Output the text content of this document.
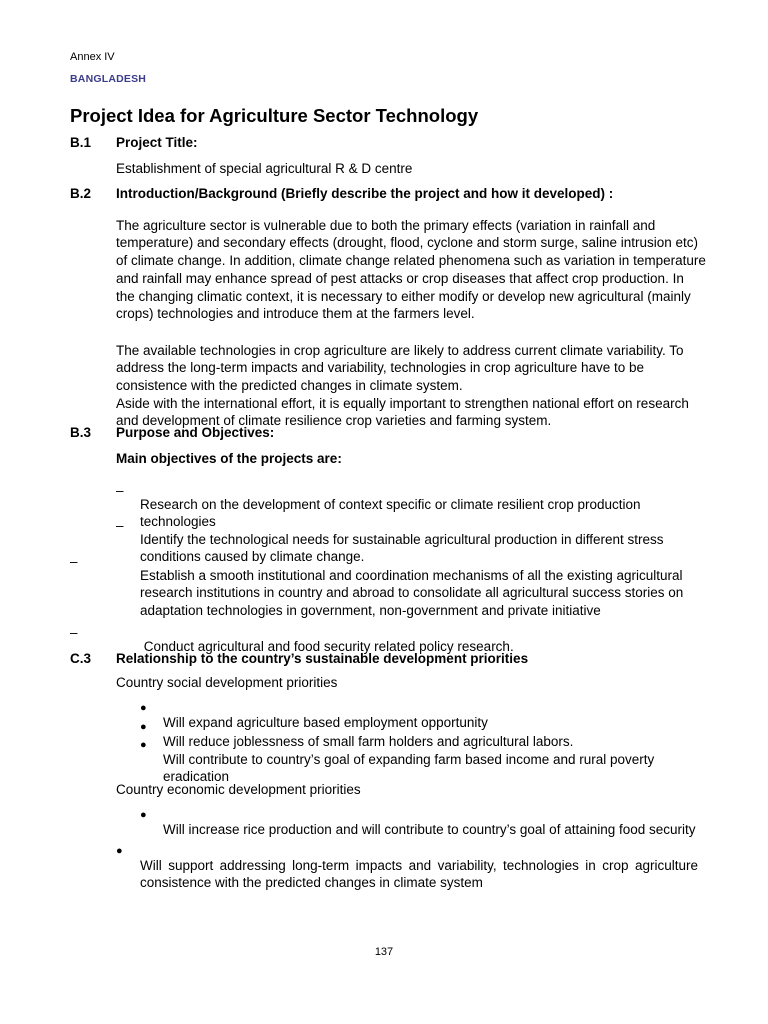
Annex IV

BANGLADESH

Project Idea for Agriculture Sector Technology
B.1 Project Title:
Establishment of special agricultural R & D centre
B.2 Introduction/Background (Briefly describe the project and how it developed) :

The agriculture sector is vulnerable due to both the primary effects (variation in rainfall and temperature) and secondary effects (drought, flood, cyclone and storm surge, saline intrusion etc) of climate change. In addition, climate change related phenomena such as variation in temperature and rainfall may enhance spread of pest attacks or crop diseases that affect crop production. In the changing climatic context, it is necessary to either modify or develop new agricultural (mainly crops) technologies and introduce them at the farmers level.

The available technologies in crop agriculture are likely to address current climate variability. To address the long-term impacts and variability, technologies in crop agriculture have to be consistence with the predicted changes in climate system.

Aside with the international effort, it is equally important to strengthen national effort on research and development of climate resilience crop varieties and farming system.

B.3 Purpose and Objectives:
Main objectives of the projects are:
–

Research on the development of context specific or climate resilient crop production technologies

–

Identify the technological needs for sustainable agricultural production in different stress conditions caused by climate change.

–

Establish a smooth institutional and coordination mechanisms of all the existing agricultural research institutions in country and abroad to consolidate all agricultural success stories on adaptation technologies in government, non-government and private initiative

–

Conduct agricultural and food security related policy research.

C.3 Relationship to the country’s sustainable development priorities
Country social development priorities
●

Will expand agriculture based employment opportunity

●

Will reduce joblessness of small farm holders and agricultural labors.

●

Will contribute to country’s goal of expanding farm based income and rural poverty eradication

Country economic development priorities
●

Will increase rice production and will contribute to country’s goal of attaining food security

●

Will support addressing long-term impacts and variability, technologies in crop agriculture consistence with the predicted changes in climate system

137
